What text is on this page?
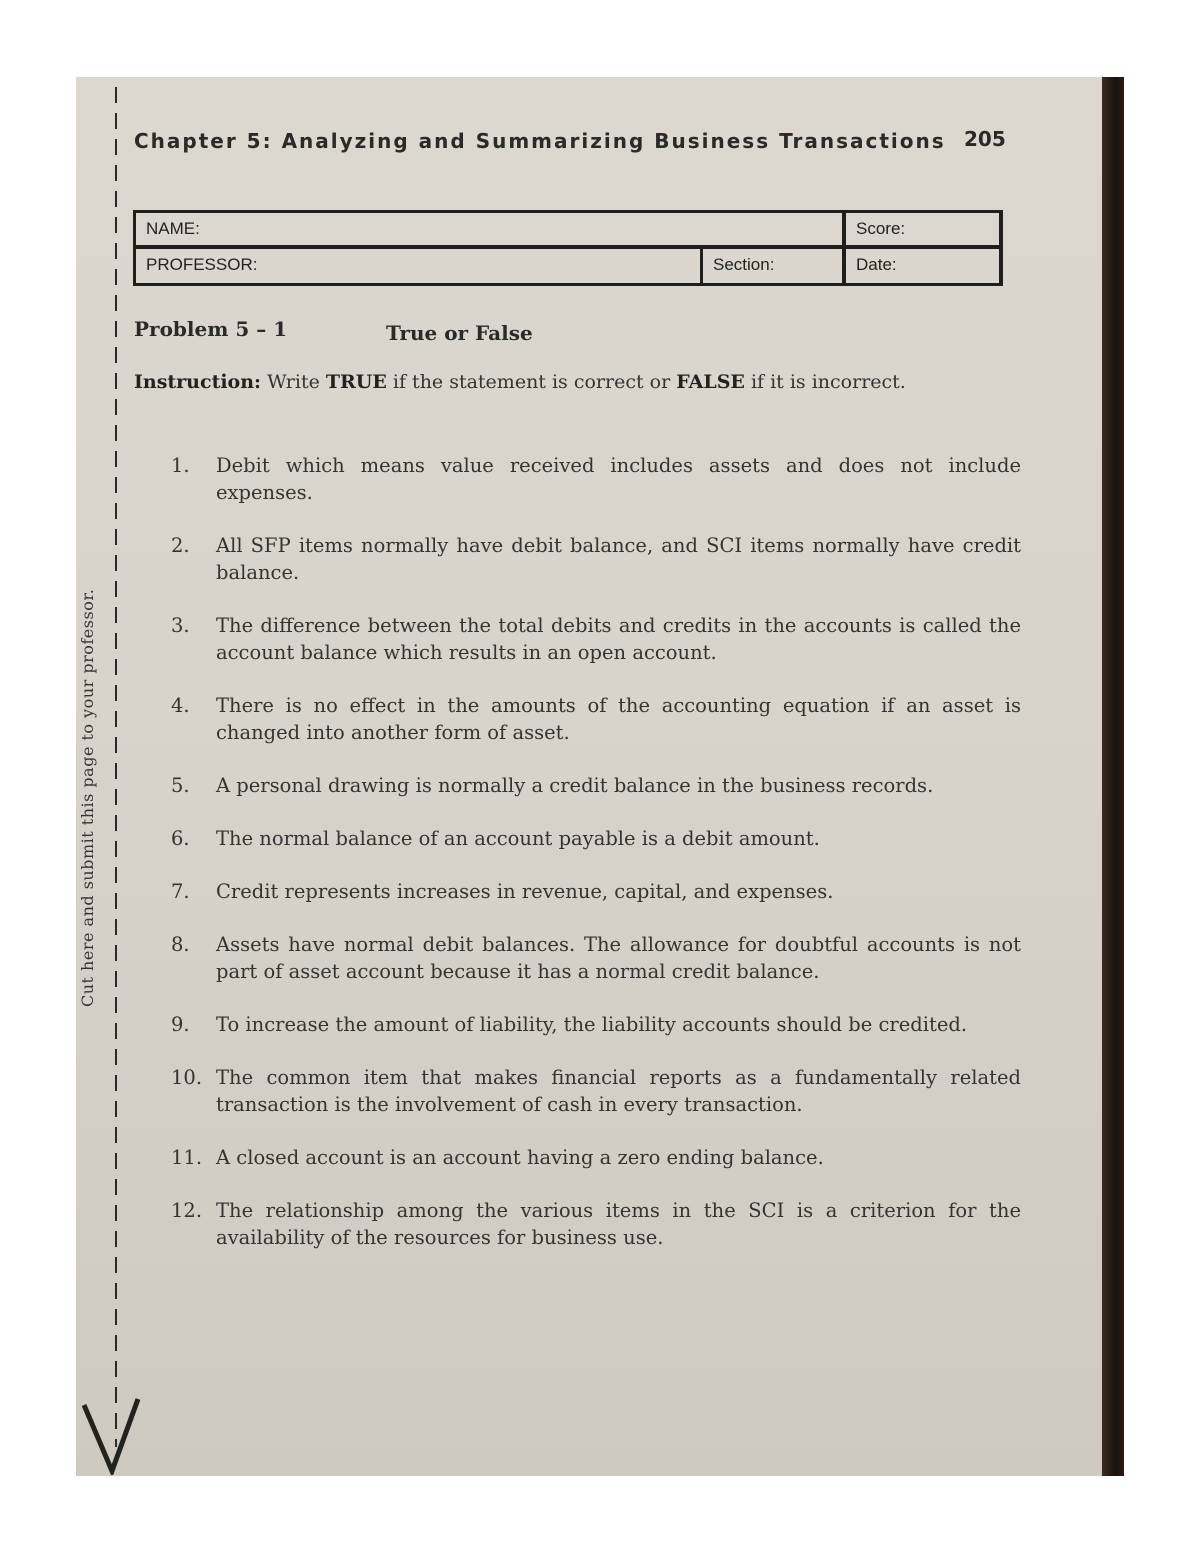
Cut here and submit this page to your professor.
Chapter 5: Analyzing and Summarizing Business Transactions 205
NAME:	Score:
PROFESSOR:	Section:	Date:
Problem 5 – 1	True or False

Instruction: Write TRUE if the statement is correct or FALSE if it is incorrect.

1. Debit which means value received includes assets and does not include expenses.
2. All SFP items normally have debit balance, and SCI items normally have credit balance.
3. The difference between the total debits and credits in the accounts is called the account balance which results in an open account.
4. There is no effect in the amounts of the accounting equation if an asset is changed into another form of asset.
5. A personal drawing is normally a credit balance in the business records.
6. The normal balance of an account payable is a debit amount.
7. Credit represents increases in revenue, capital, and expenses.
8. Assets have normal debit balances. The allowance for doubtful accounts is not part of asset account because it has a normal credit balance.
9. To increase the amount of liability, the liability accounts should be credited.
10. The common item that makes financial reports as a fundamentally related transaction is the involvement of cash in every transaction.
11. A closed account is an account having a zero ending balance.
12. The relationship among the various items in the SCI is a criterion for the availability of the resources for business use.
